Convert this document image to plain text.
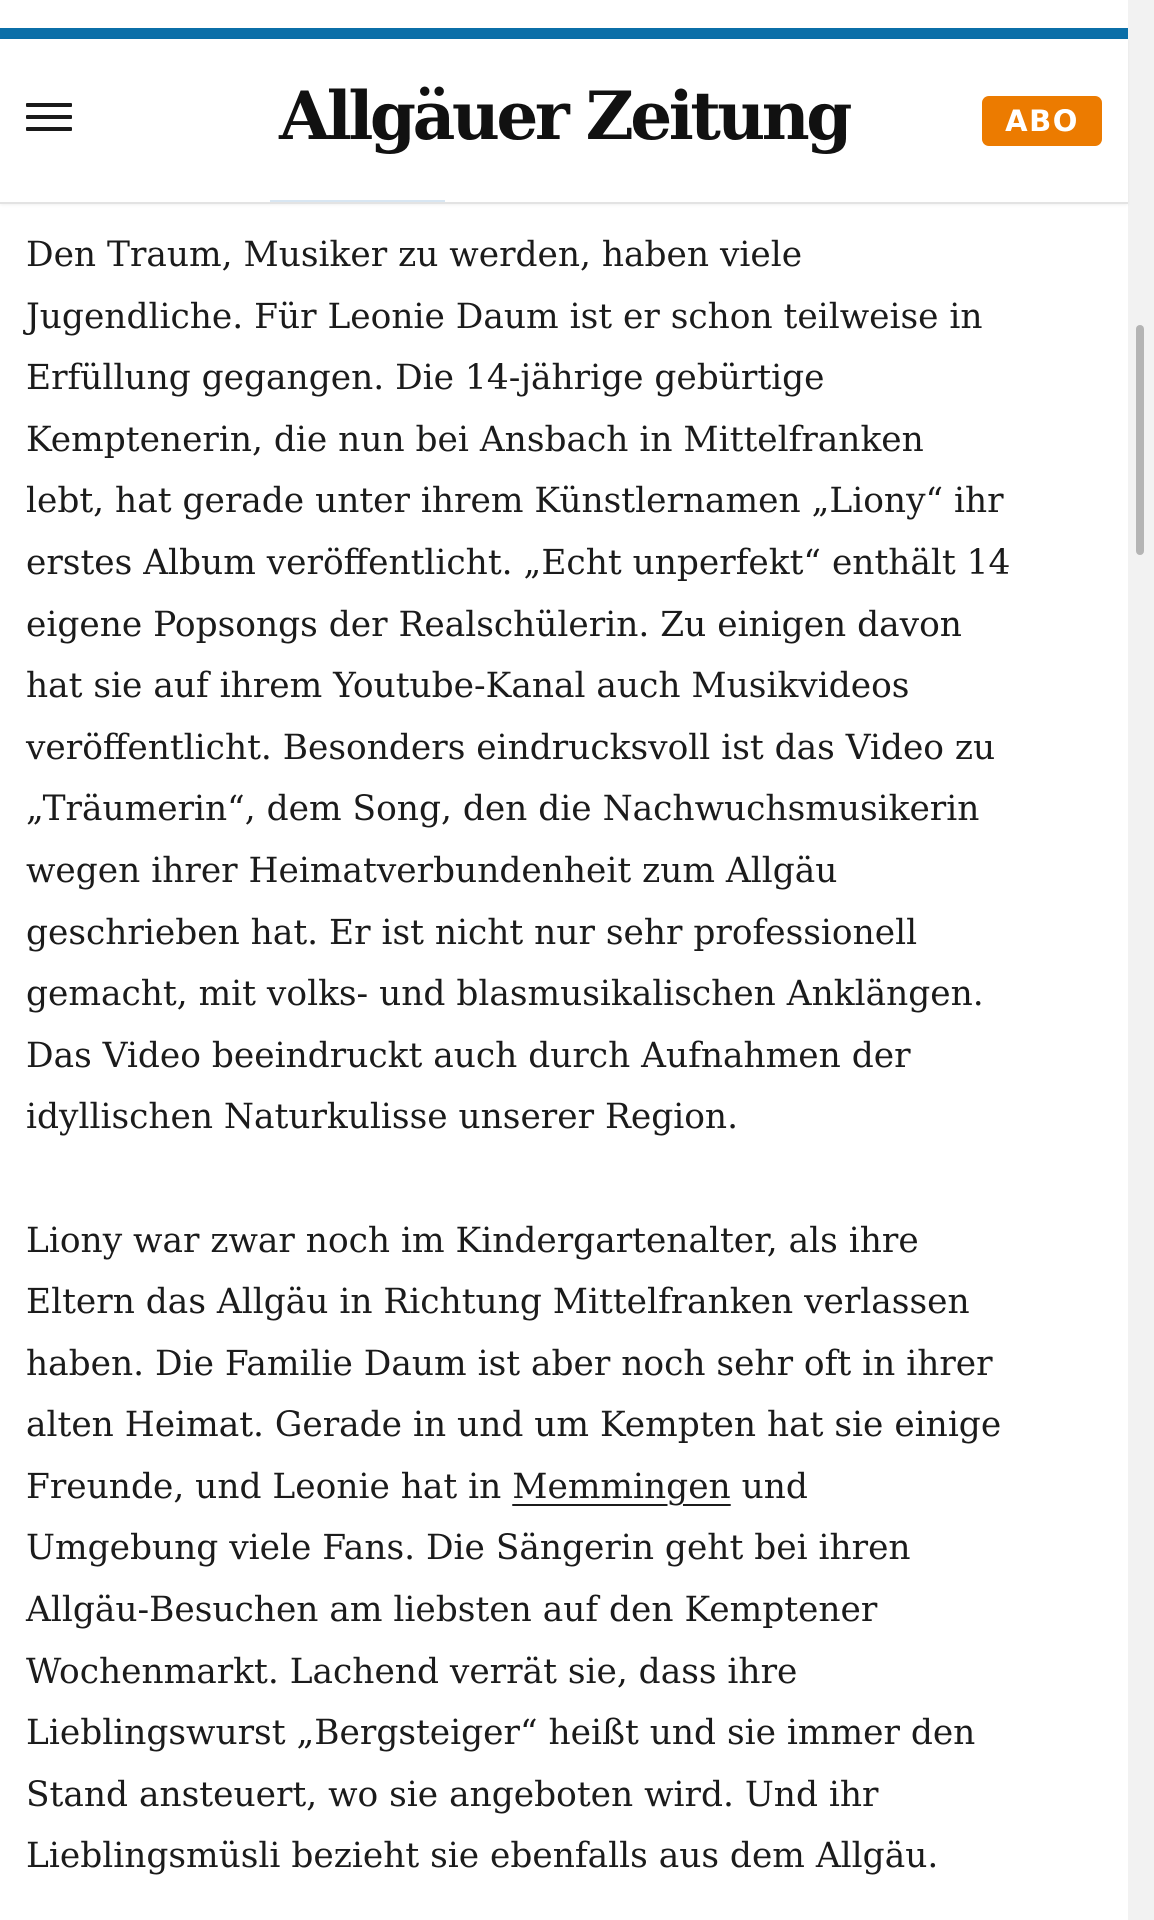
Allgäuer Zeitung	ABO

Den Traum, Musiker zu werden, haben viele
Jugendliche. Für Leonie Daum ist er schon teilweise in
Erfüllung gegangen. Die 14-jährige gebürtige
Kemptenerin, die nun bei Ansbach in Mittelfranken
lebt, hat gerade unter ihrem Künstlernamen „Liony“ ihr
erstes Album veröffentlicht. „Echt unperfekt“ enthält 14
eigene Popsongs der Realschülerin. Zu einigen davon
hat sie auf ihrem Youtube-Kanal auch Musikvideos
veröffentlicht. Besonders eindrucksvoll ist das Video zu
„Träumerin“, dem Song, den die Nachwuchsmusikerin
wegen ihrer Heimatverbundenheit zum Allgäu
geschrieben hat. Er ist nicht nur sehr professionell
gemacht, mit volks- und blasmusikalischen Anklängen.
Das Video beeindruckt auch durch Aufnahmen der
idyllischen Naturkulisse unserer Region.

Liony war zwar noch im Kindergartenalter, als ihre
Eltern das Allgäu in Richtung Mittelfranken verlassen
haben. Die Familie Daum ist aber noch sehr oft in ihrer
alten Heimat. Gerade in und um Kempten hat sie einige
Freunde, und Leonie hat in Memmingen und
Umgebung viele Fans. Die Sängerin geht bei ihren
Allgäu-Besuchen am liebsten auf den Kemptener
Wochenmarkt. Lachend verrät sie, dass ihre
Lieblingswurst „Bergsteiger“ heißt und sie immer den
Stand ansteuert, wo sie angeboten wird. Und ihr
Lieblingsmüsli bezieht sie ebenfalls aus dem Allgäu.
